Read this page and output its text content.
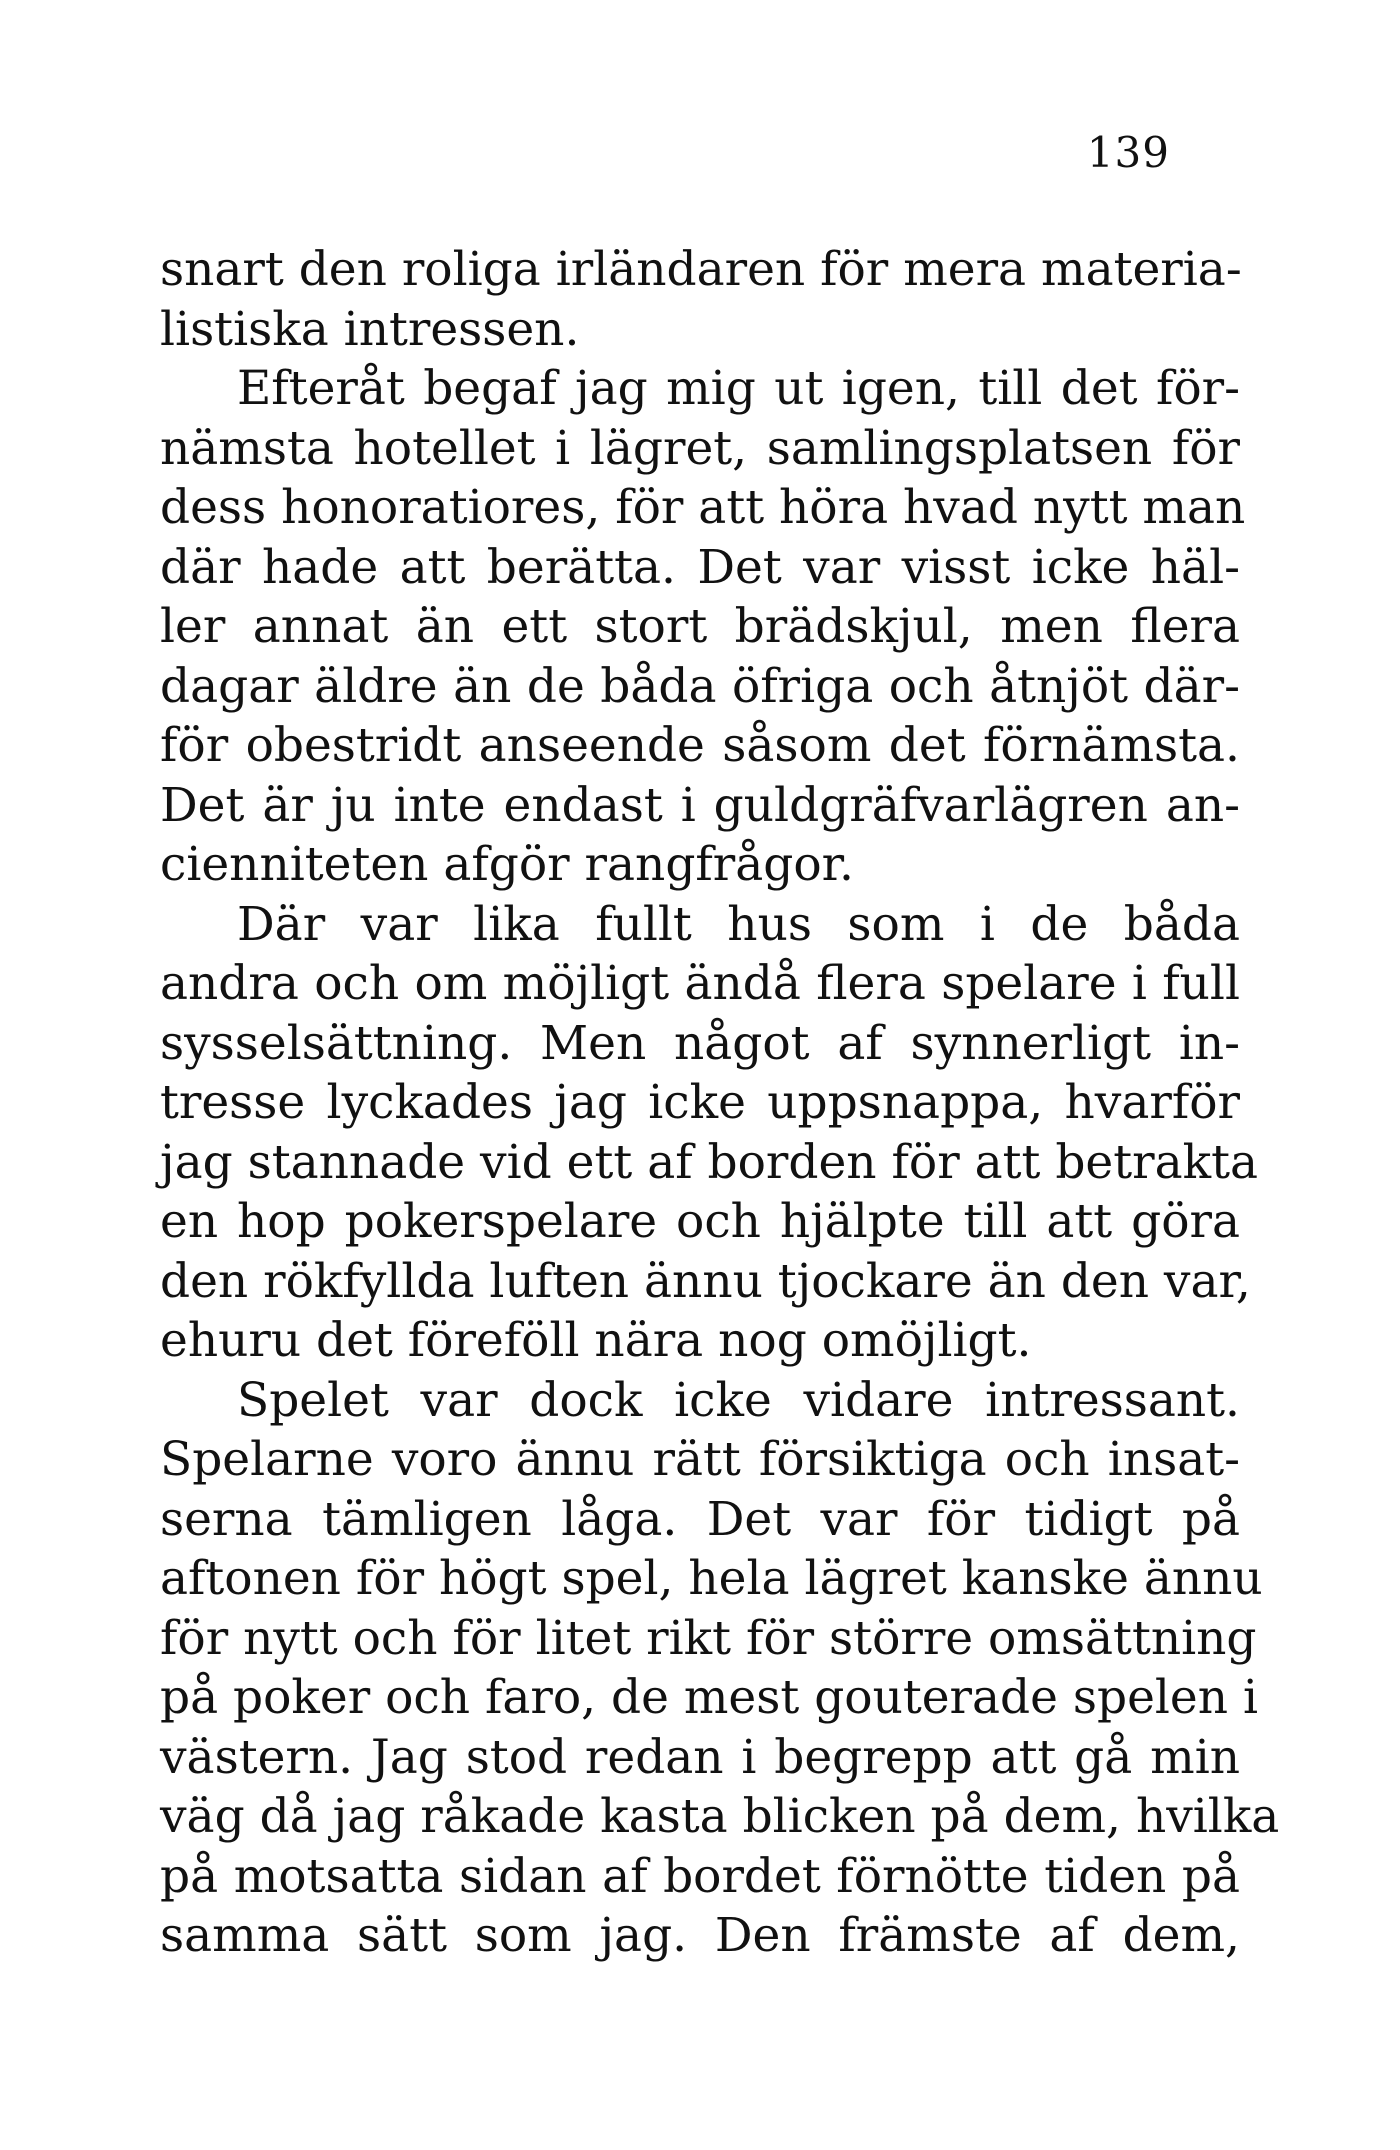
139
snart den roliga irländaren för mera materia-
listiska intressen.
Efteråt begaf jag mig ut igen, till det för-
nämsta hotellet i lägret, samlingsplatsen för
dess honoratiores, för att höra hvad nytt man
där hade att berätta. Det var visst icke häl-
ler annat än ett stort brädskjul, men flera
dagar äldre än de båda öfriga och åtnjöt där-
för obestridt anseende såsom det förnämsta.
Det är ju inte endast i guldgräfvarlägren an-
cienniteten afgör rangfrågor.
Där var lika fullt hus som i de båda
andra och om möjligt ändå flera spelare i full
sysselsättning. Men något af synnerligt in-
tresse lyckades jag icke uppsnappa, hvarför
jag stannade vid ett af borden för att betrakta
en hop pokerspelare och hjälpte till att göra
den rökfyllda luften ännu tjockare än den var,
ehuru det föreföll nära nog omöjligt.
Spelet var dock icke vidare intressant.
Spelarne voro ännu rätt försiktiga och insat-
serna tämligen låga. Det var för tidigt på
aftonen för högt spel, hela lägret kanske ännu
för nytt och för litet rikt för större omsättning
på poker och faro, de mest gouterade spelen i
västern. Jag stod redan i begrepp att gå min
väg då jag råkade kasta blicken på dem, hvilka
på motsatta sidan af bordet förnötte tiden på
samma sätt som jag. Den främste af dem,
